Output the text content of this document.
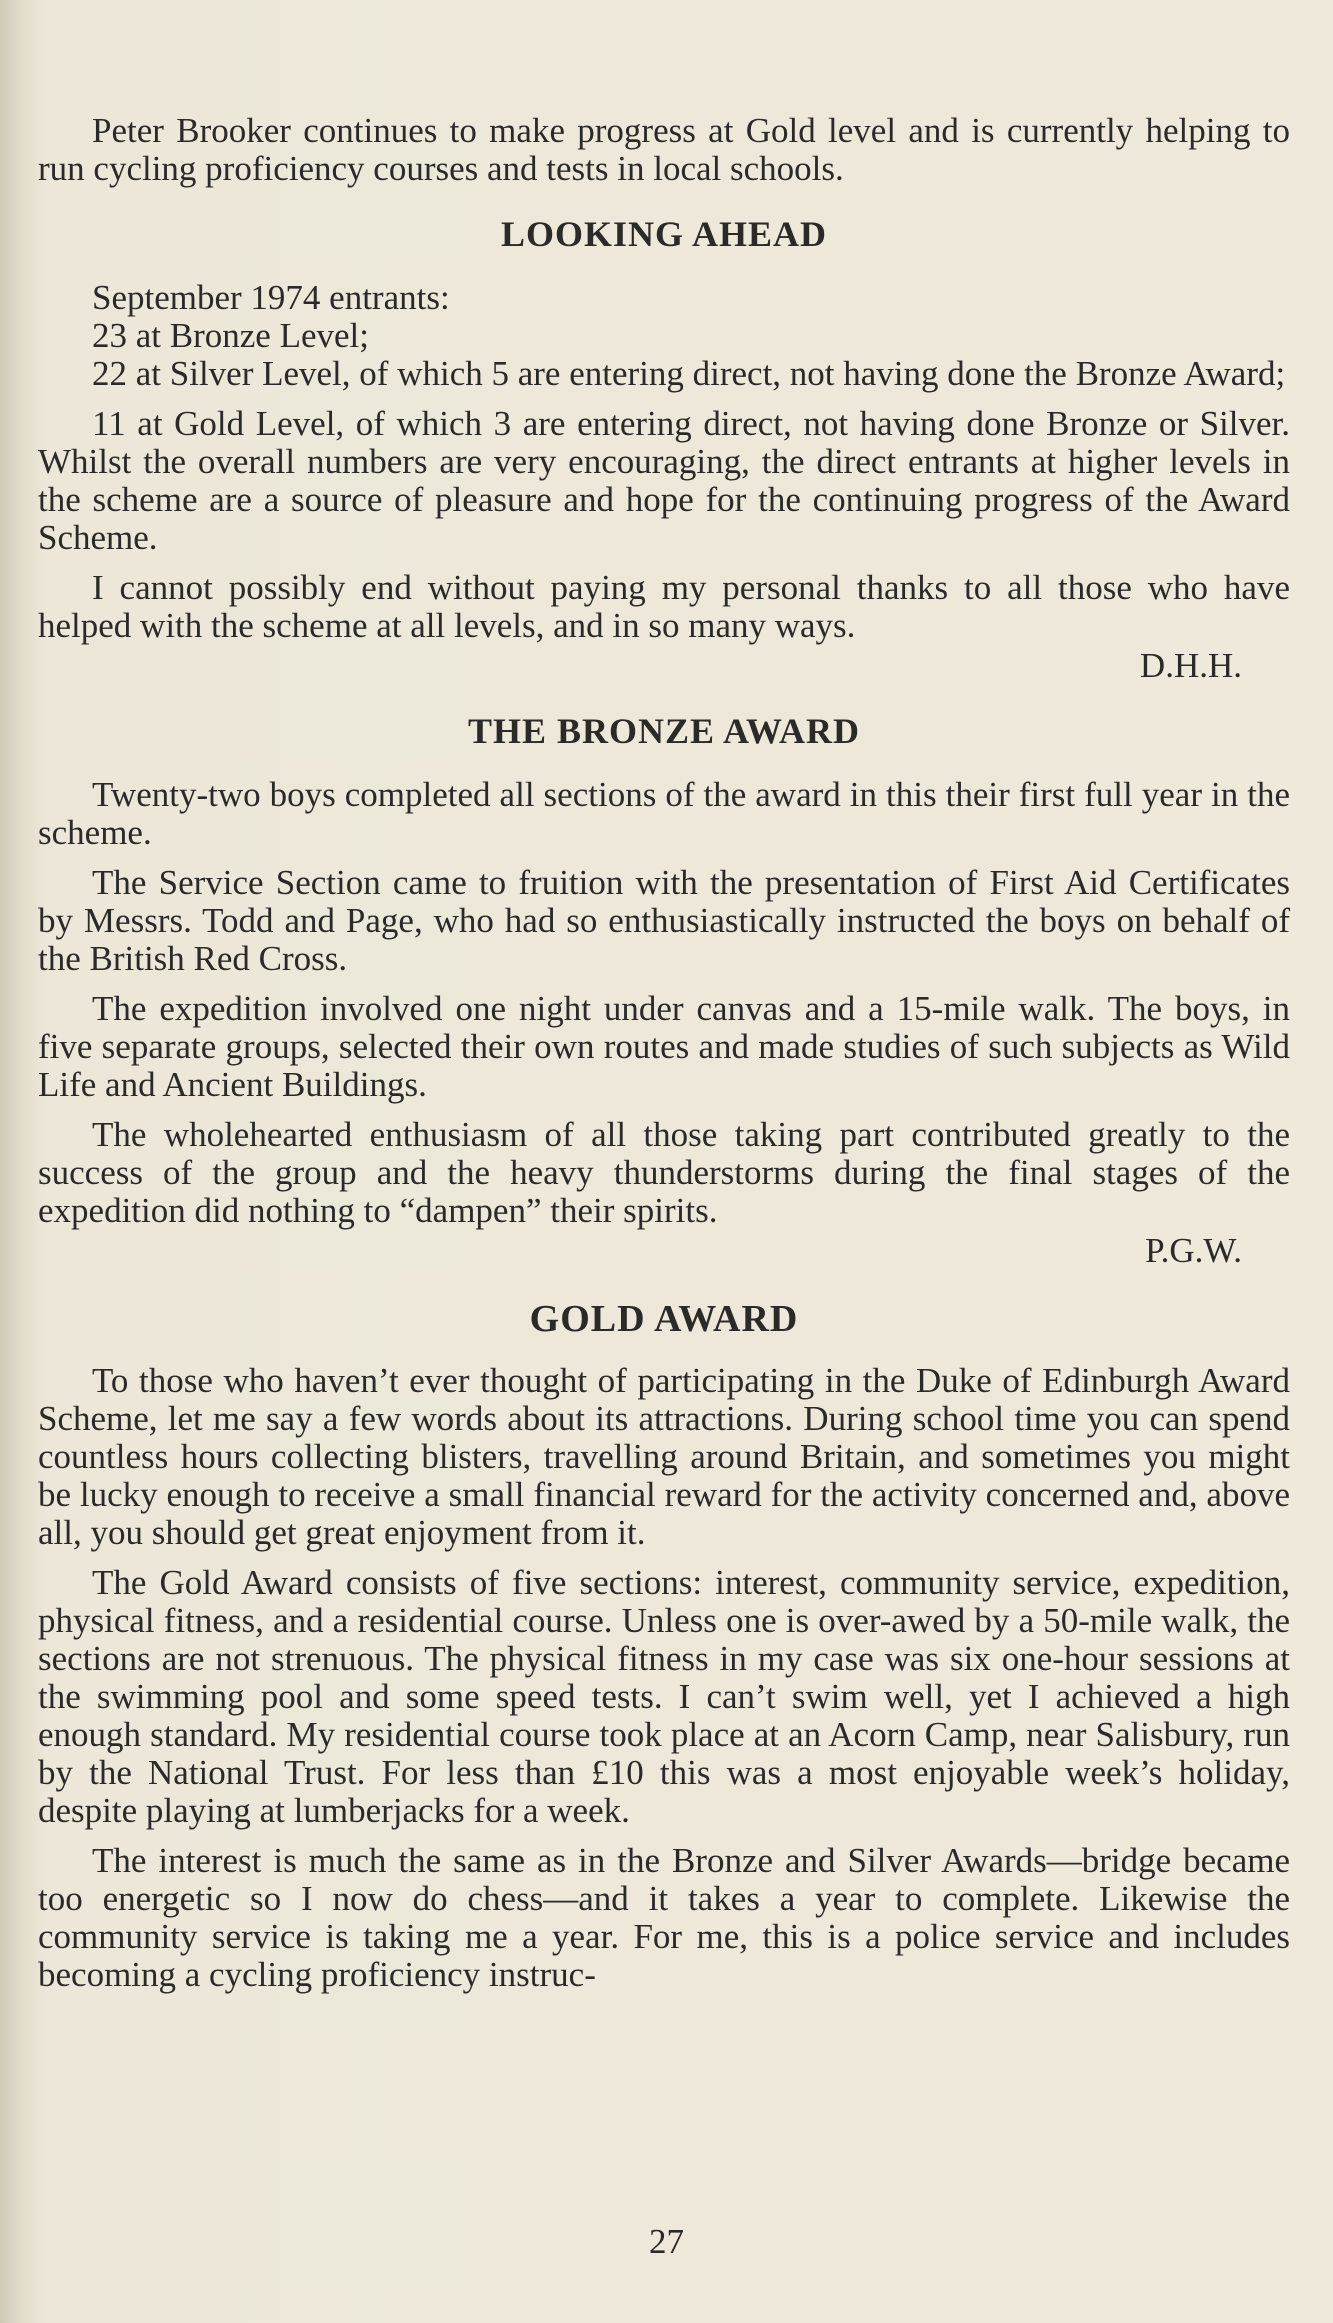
Peter Brooker continues to make progress at Gold level and is currently helping to run cycling proficiency courses and tests in local schools.

LOOKING AHEAD

September 1974 entrants:

23 at Bronze Level;

22 at Silver Level, of which 5 are entering direct, not having done the Bronze Award;

11 at Gold Level, of which 3 are entering direct, not having done Bronze or Silver. Whilst the overall numbers are very encouraging, the direct entrants at higher levels in the scheme are a source of pleasure and hope for the continuing progress of the Award Scheme.

I cannot possibly end without paying my personal thanks to all those who have helped with the scheme at all levels, and in so many ways.

D.H.H.

THE BRONZE AWARD

Twenty-two boys completed all sections of the award in this their first full year in the scheme.

The Service Section came to fruition with the presentation of First Aid Certificates by Messrs. Todd and Page, who had so enthusiastically instructed the boys on behalf of the British Red Cross.

The expedition involved one night under canvas and a 15-mile walk. The boys, in five separate groups, selected their own routes and made studies of such subjects as Wild Life and Ancient Buildings.

The wholehearted enthusiasm of all those taking part contributed greatly to the success of the group and the heavy thunderstorms during the final stages of the expedition did nothing to “dampen” their spirits.

P.G.W.

GOLD AWARD

To those who haven’t ever thought of participating in the Duke of Edinburgh Award Scheme, let me say a few words about its attractions. During school time you can spend countless hours collecting blisters, travelling around Britain, and sometimes you might be lucky enough to receive a small financial reward for the activity concerned and, above all, you should get great enjoyment from it.

The Gold Award consists of five sections: interest, community service, expedition, physical fitness, and a residential course. Unless one is over-awed by a 50-mile walk, the sections are not strenuous. The physical fitness in my case was six one-hour sessions at the swimming pool and some speed tests. I can’t swim well, yet I achieved a high enough standard. My residential course took place at an Acorn Camp, near Salisbury, run by the National Trust. For less than £10 this was a most enjoyable week’s holiday, despite playing at lumberjacks for a week.

The interest is much the same as in the Bronze and Silver Awards—bridge became too energetic so I now do chess—and it takes a year to complete. Likewise the community service is taking me a year. For me, this is a police service and includes becoming a cycling proficiency instruc-

27
